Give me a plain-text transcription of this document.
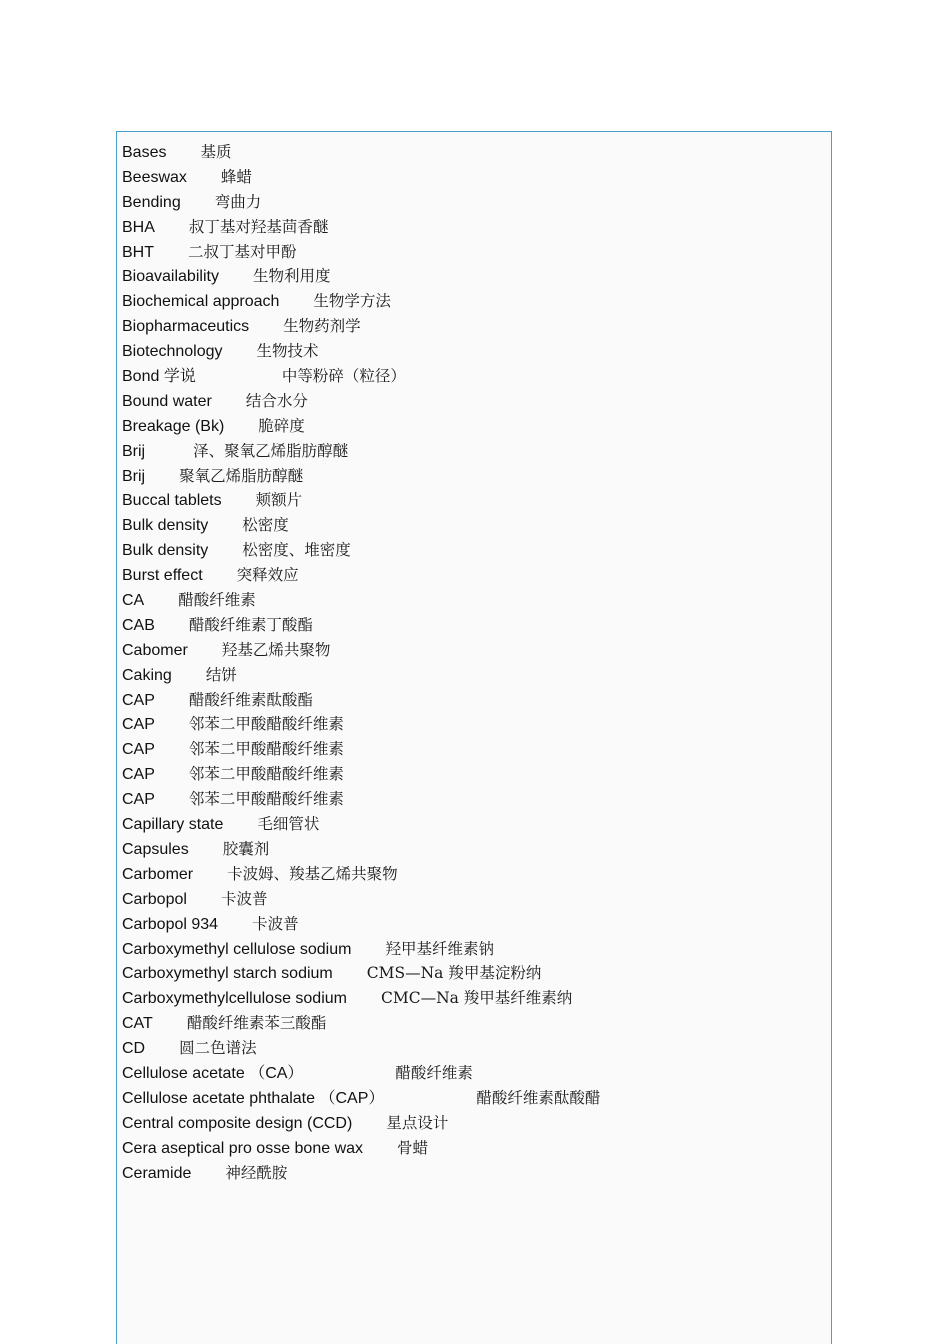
Bases 基质
Beeswax 蜂蜡
Bending 弯曲力
BHA 叔丁基对羟基茴香醚
BHT 二叔丁基对甲酚
Bioavailability 生物利用度
Biochemical approach 生物学方法
Biopharmaceutics 生物药剂学
Biotechnology 生物技术
Bond 学说	中等粉碎（粒径）
Bound water 结合水分
Breakage (Bk) 脆碎度
Brij	泽、聚氧乙烯脂肪醇醚
Brij 聚氧乙烯脂肪醇醚
Buccal tablets 颊额片
Bulk density 松密度
Bulk density 松密度、堆密度
Burst effect 突释效应
CA 醋酸纤维素
CAB 醋酸纤维素丁酸酯
Cabomer 羟基乙烯共聚物
Caking 结饼
CAP 醋酸纤维素酞酸酯
CAP 邻苯二甲酸醋酸纤维素
CAP 邻苯二甲酸醋酸纤维素
CAP 邻苯二甲酸醋酸纤维素
CAP 邻苯二甲酸醋酸纤维素
Capillary state 毛细管状
Capsules 胶囊剂
Carbomer 卡波姆、羧基乙烯共聚物
Carbopol 卡波普
Carbopol 934 卡波普
Carboxymethyl cellulose sodium 羟甲基纤维素钠
Carboxymethyl starch sodium CMS—Na 羧甲基淀粉纳
Carboxymethylcellulose sodium CMC—Na 羧甲基纤维素纳
CAT 醋酸纤维素苯三酸酯
CD 圆二色谱法
Cellulose acetate （CA）	醋酸纤维素
Cellulose acetate phthalate （CAP）	醋酸纤维素酞酸醋
Central composite design (CCD) 星点设计
Cera aseptical pro osse bone wax 骨蜡
Ceramide 神经酰胺
